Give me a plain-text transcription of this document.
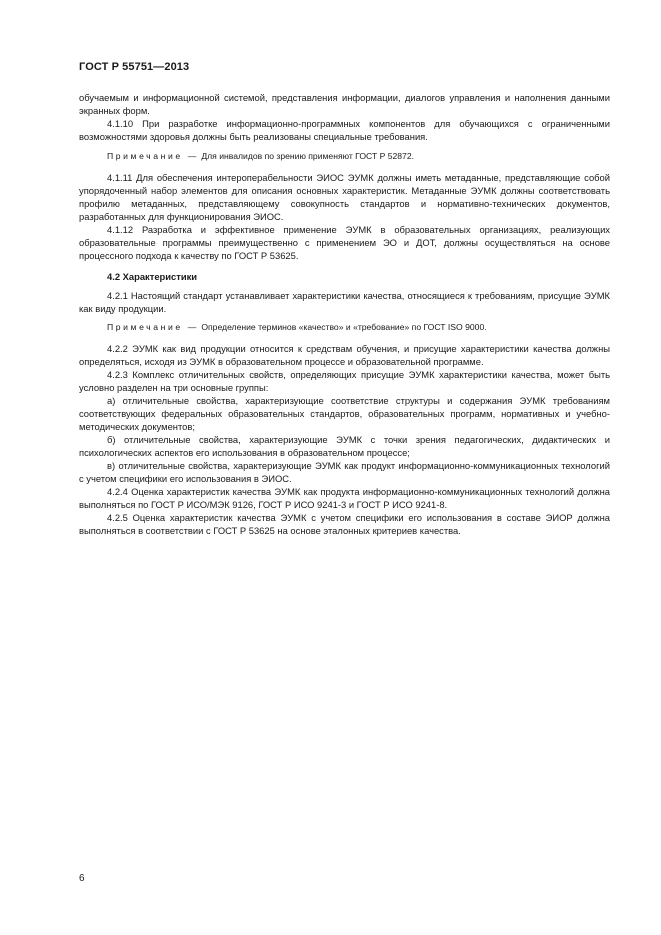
ГОСТ Р 55751—2013

обучаемым и информационной системой, представления информации, диалогов управления и наполнения данными экранных форм.

4.1.10 При разработке информационно-программных компонентов для обучающихся с ограниченными возможностями здоровья должны быть реализованы специальные требования.

Примечание — Для инвалидов по зрению применяют ГОСТ Р 52872.

4.1.11 Для обеспечения интероперабельности ЭИОС ЭУМК должны иметь метаданные, представляющие собой упорядоченный набор элементов для описания основных характеристик. Метаданные ЭУМК должны соответствовать профилю метаданных, представляющему совокупность стандартов и нормативно-технических документов, разработанных для функционирования ЭИОС.

4.1.12 Разработка и эффективное применение ЭУМК в образовательных организациях, реализующих образовательные программы преимущественно с применением ЭО и ДОТ, должны осуществляться на основе процессного подхода к качеству по ГОСТ Р 53625.

4.2 Характеристики

4.2.1 Настоящий стандарт устанавливает характеристики качества, относящиеся к требованиям, присущие ЭУМК как виду продукции.

Примечание — Определение терминов «качество» и «требование» по ГОСТ ISO 9000.

4.2.2 ЭУМК как вид продукции относится к средствам обучения, и присущие характеристики качества должны определяться, исходя из ЭУМК в образовательном процессе и образовательной программе.

4.2.3 Комплекс отличительных свойств, определяющих присущие ЭУМК характеристики качества, может быть условно разделен на три основные группы:

а) отличительные свойства, характеризующие соответствие структуры и содержания ЭУМК требованиям соответствующих федеральных образовательных стандартов, образовательных программ, нормативных и учебно-методических документов;

б) отличительные свойства, характеризующие ЭУМК с точки зрения педагогических, дидактических и психологических аспектов его использования в образовательном процессе;

в) отличительные свойства, характеризующие ЭУМК как продукт информационно-коммуникационных технологий с учетом специфики его использования в ЭИОС.

4.2.4 Оценка характеристик качества ЭУМК как продукта информационно-коммуникационных технологий должна выполняться по ГОСТ Р ИСО/МЭК 9126, ГОСТ Р ИСО 9241-3 и ГОСТ Р ИСО 9241-8.

4.2.5 Оценка характеристик качества ЭУМК с учетом специфики его использования в составе ЭИОР должна выполняться в соответствии с ГОСТ Р 53625 на основе эталонных критериев качества.

6
